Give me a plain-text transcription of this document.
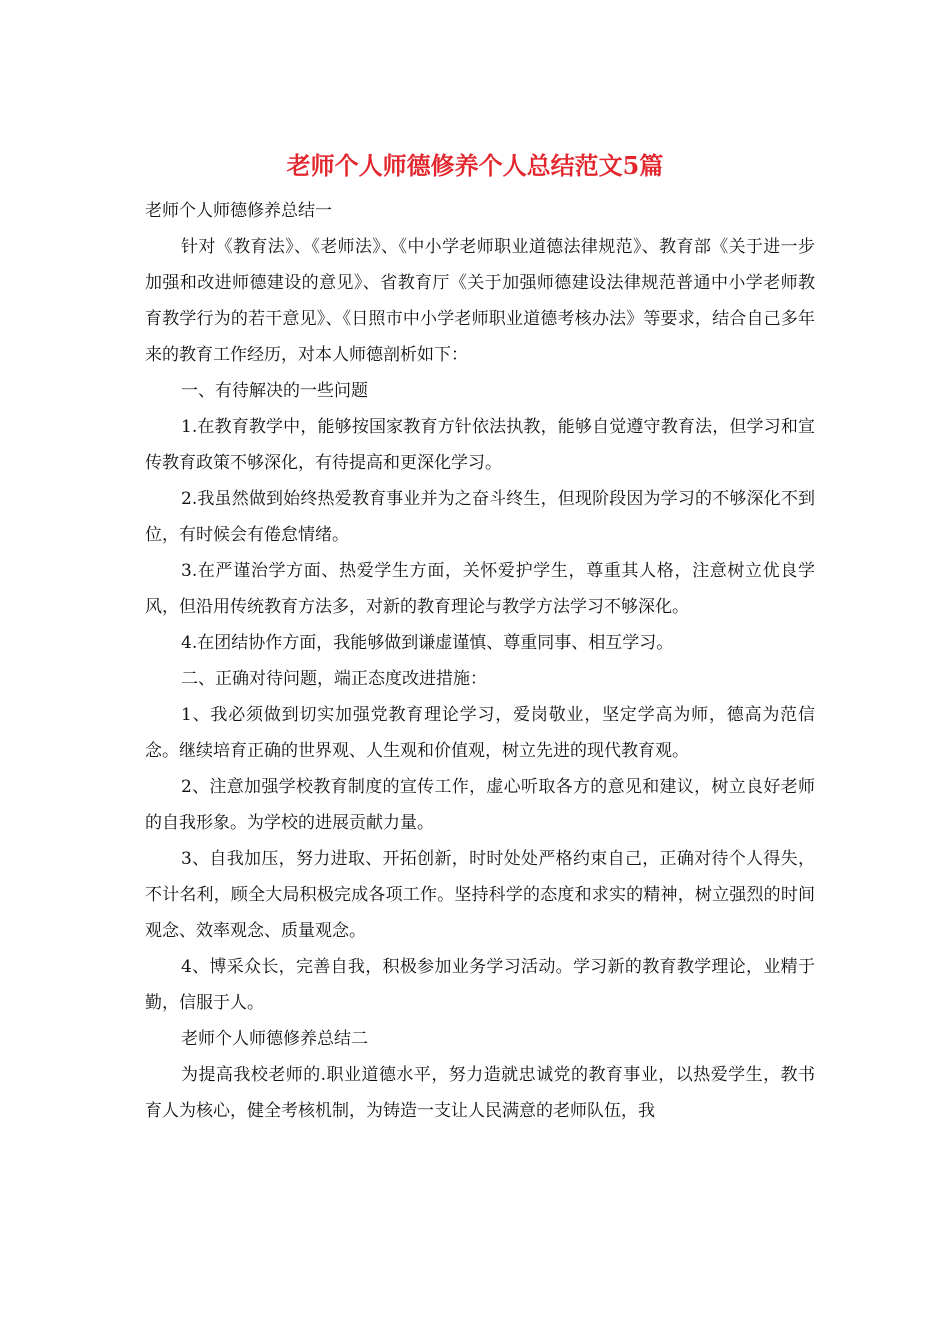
老师个人师德修养个人总结范文5篇

老师个人师德修养总结一

针对《教育法》、《老师法》、《中小学老师职业道德法律规范》、教育部《关于进一步加强和改进师德建设的意见》、省教育厅《关于加强师德建设法律规范普通中小学老师教育教学行为的若干意见》、《日照市中小学老师职业道德考核办法》等要求，结合自己多年来的教育工作经历，对本人师德剖析如下：

一、有待解决的一些问题

1.在教育教学中，能够按国家教育方针依法执教，能够自觉遵守教育法，但学习和宣传教育政策不够深化，有待提高和更深化学习。

2.我虽然做到始终热爱教育事业并为之奋斗终生，但现阶段因为学习的不够深化不到位，有时候会有倦怠情绪。

3.在严谨治学方面、热爱学生方面，关怀爱护学生，尊重其人格，注意树立优良学风，但沿用传统教育方法多，对新的教育理论与教学方法学习不够深化。

4.在团结协作方面，我能够做到谦虚谨慎、尊重同事、相互学习。

二、正确对待问题，端正态度改进措施：

1、我必须做到切实加强党教育理论学习，爱岗敬业，坚定学高为师，德高为范信念。继续培育正确的世界观、人生观和价值观，树立先进的现代教育观。

2、注意加强学校教育制度的宣传工作，虚心听取各方的意见和建议，树立良好老师的自我形象。为学校的进展贡献力量。

3、自我加压，努力进取、开拓创新，时时处处严格约束自己，正确对待个人得失，不计名利，顾全大局积极完成各项工作。坚持科学的态度和求实的精神，树立强烈的时间观念、效率观念、质量观念。

4、博采众长，完善自我，积极参加业务学习活动。学习新的教育教学理论，业精于勤，信服于人。

老师个人师德修养总结二

为提高我校老师的.职业道德水平，努力造就忠诚党的教育事业，以热爱学生，教书育人为核心，健全考核机制，为铸造一支让人民满意的老师队伍，我
